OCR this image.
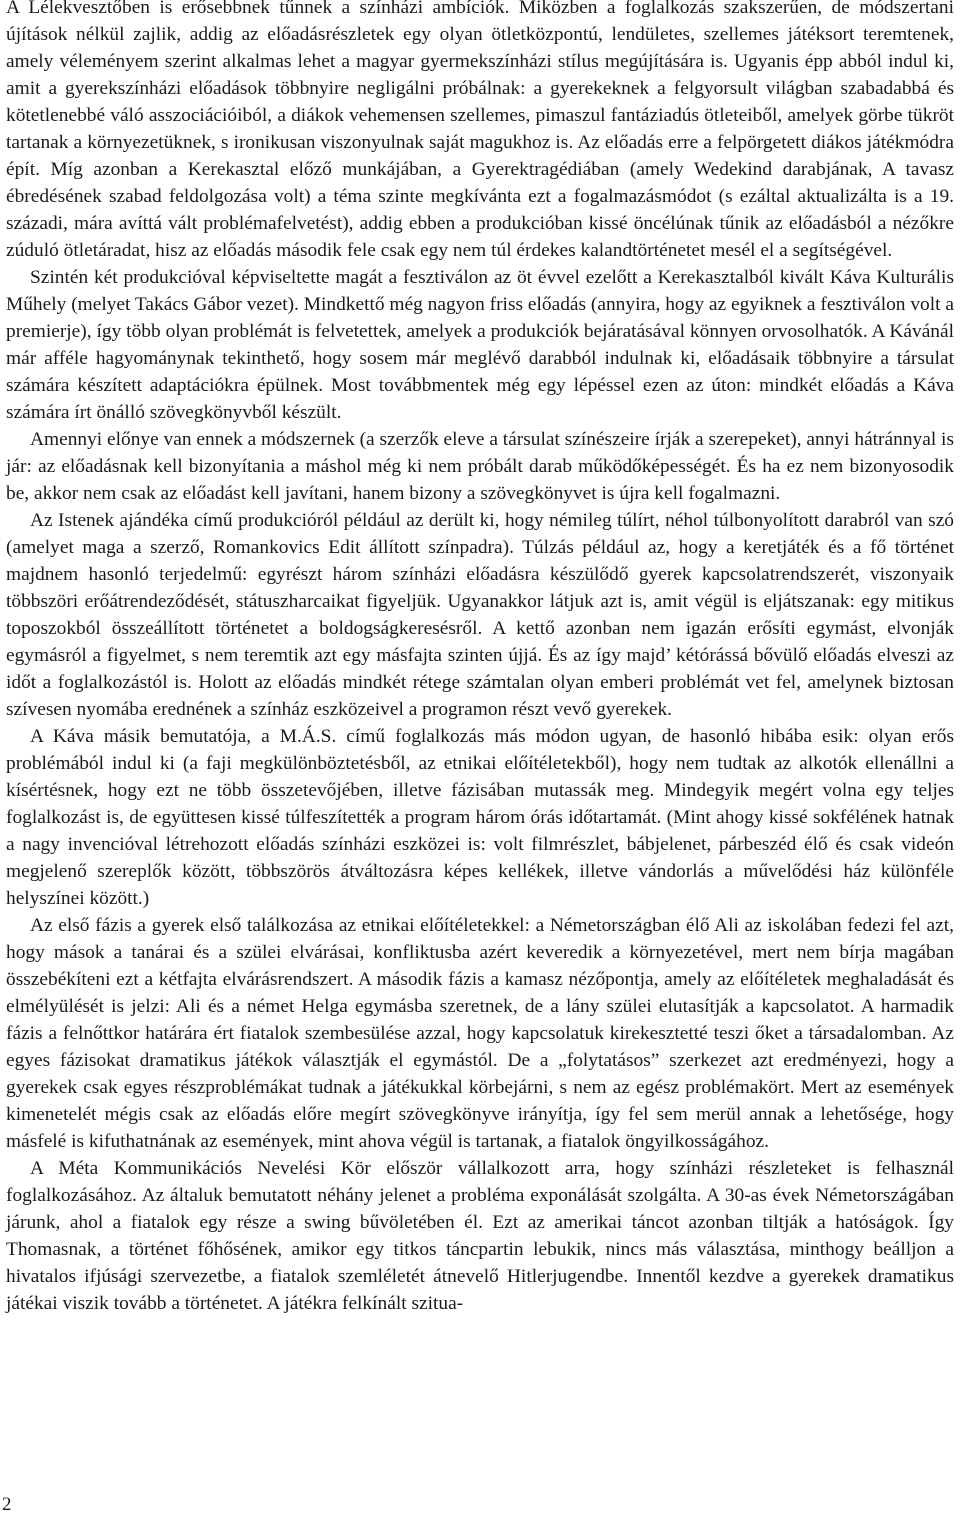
A Lélekvesztőben is erősebbnek tűnnek a színházi ambíciók. Miközben a foglalkozás szakszerűen, de módszertani újítások nélkül zajlik, addig az előadásrészletek egy olyan ötletközpontú, lendületes, szellemes játéksort teremtenek, amely véleményem szerint alkalmas lehet a magyar gyermekszínházi stílus megújítására is. Ugyanis épp abból indul ki, amit a gyerekszínházi előadások többnyire negligálni próbálnak: a gyerekeknek a felgyorsult világban szabadabbá és kötetlenebbé váló asszociációiból, a diákok vehemensen szellemes, pimaszul fantáziadús ötleteiből, amelyek görbe tükröt tartanak a környezetüknek, s ironikusan viszonyulnak saját magukhoz is. Az előadás erre a felpörgetett diákos játékmódra épít. Míg azonban a Kerekasztal előző munkájában, a Gyerektragédiában (amely Wedekind darabjának, A tavasz ébredésének szabad feldolgozása volt) a téma szinte megkívánta ezt a fogalmazásmódot (s ezáltal aktualizálta is a 19. századi, mára avíttá vált problémafelvetést), addig ebben a produkcióban kissé öncélúnak tűnik az előadásból a nézőkre zúduló ötletáradat, hisz az előadás második fele csak egy nem túl érdekes kalandtörténetet mesél el a segítségével.

Szintén két produkcióval képviseltette magát a fesztiválon az öt évvel ezelőtt a Kerekasztalból kivált Káva Kulturális Műhely (melyet Takács Gábor vezet). Mindkettő még nagyon friss előadás (annyira, hogy az egyiknek a fesztiválon volt a premierje), így több olyan problémát is felvetettek, amelyek a produkciók bejáratásával könnyen orvosolhatók. A Kávánál már afféle hagyománynak tekinthető, hogy sosem már meglévő darabból indulnak ki, előadásaik többnyire a társulat számára készített adaptációkra épülnek. Most továbbmentek még egy lépéssel ezen az úton: mindkét előadás a Káva számára írt önálló szövegkönyvből készült.

Amennyi előnye van ennek a módszernek (a szerzők eleve a társulat színészeire írják a szerepeket), annyi hátránnyal is jár: az előadásnak kell bizonyítania a máshol még ki nem próbált darab működőképességét. És ha ez nem bizonyosodik be, akkor nem csak az előadást kell javítani, hanem bizony a szövegkönyvet is újra kell fogalmazni.

Az Istenek ajándéka című produkcióról például az derült ki, hogy némileg túlírt, néhol túlbonyolított darabról van szó (amelyet maga a szerző, Romankovics Edit állított színpadra). Túlzás például az, hogy a keretjáték és a fő történet majdnem hasonló terjedelmű: egyrészt három színházi előadásra készülődő gyerek kapcsolatrendszerét, viszonyaik többszöri erőátrendeződését, státuszharcaikat figyeljük. Ugyanakkor látjuk azt is, amit végül is eljátszanak: egy mitikus toposzokból összeállított történetet a boldogságkeresésről. A kettő azonban nem igazán erősíti egymást, elvonják egymásról a figyelmet, s nem teremtik azt egy másfajta szinten újjá. És az így majd’ kétórássá bővülő előadás elveszi az időt a foglalkozástól is. Holott az előadás mindkét rétege számtalan olyan emberi problémát vet fel, amelynek biztosan szívesen nyomába erednének a színház eszközeivel a programon részt vevő gyerekek.

A Káva másik bemutatója, a M.Á.S. című foglalkozás más módon ugyan, de hasonló hibába esik: olyan erős problémából indul ki (a faji megkülönböztetésből, az etnikai előítéletekből), hogy nem tudtak az alkotók ellenállni a kísértésnek, hogy ezt ne több összetevőjében, illetve fázisában mutassák meg. Mindegyik megért volna egy teljes foglalkozást is, de együttesen kissé túlfeszítették a program három órás időtartamát. (Mint ahogy kissé sokfélének hatnak a nagy invencióval létrehozott előadás színházi eszközei is: volt filmrészlet, bábjelenet, párbeszéd élő és csak videón megjelenő szereplők között, többszörös átváltozásra képes kellékek, illetve vándorlás a művelődési ház különféle helyszínei között.)

Az első fázis a gyerek első találkozása az etnikai előítéletekkel: a Németországban élő Ali az iskolában fedezi fel azt, hogy mások a tanárai és a szülei elvárásai, konfliktusba azért keveredik a környezetével, mert nem bírja magában összebékíteni ezt a kétfajta elvárásrendszert. A második fázis a kamasz nézőpontja, amely az előítéletek meghaladását és elmélyülését is jelzi: Ali és a német Helga egymásba szeretnek, de a lány szülei elutasítják a kapcsolatot. A harmadik fázis a felnőttkor határára ért fiatalok szembesülése azzal, hogy kapcsolatuk kirekesztetté teszi őket a társadalomban. Az egyes fázisokat dramatikus játékok választják el egymástól. De a „folytatásos” szerkezet azt eredményezi, hogy a gyerekek csak egyes részproblémákat tudnak a játékukkal körbejárni, s nem az egész problémakört. Mert az események kimenetelét mégis csak az előadás előre megírt szövegkönyve irányítja, így fel sem merül annak a lehetősége, hogy másfelé is kifuthatnának az események, mint ahova végül is tartanak, a fiatalok öngyilkosságához.

A Méta Kommunikációs Nevelési Kör először vállalkozott arra, hogy színházi részleteket is felhasznál foglalkozásához. Az általuk bemutatott néhány jelenet a probléma exponálását szolgálta. A 30-as évek Németországában járunk, ahol a fiatalok egy része a swing bűvöletében él. Ezt az amerikai táncot azonban tiltják a hatóságok. Így Thomasnak, a történet főhősének, amikor egy titkos táncpartin lebukik, nincs más választása, minthogy beálljon a hivatalos ifjúsági szervezetbe, a fiatalok szemléletét átnevelő Hitlerjugendbe. Innentől kezdve a gyerekek dramatikus játékai viszik tovább a történetet. A játékra felkínált szitua-

2
